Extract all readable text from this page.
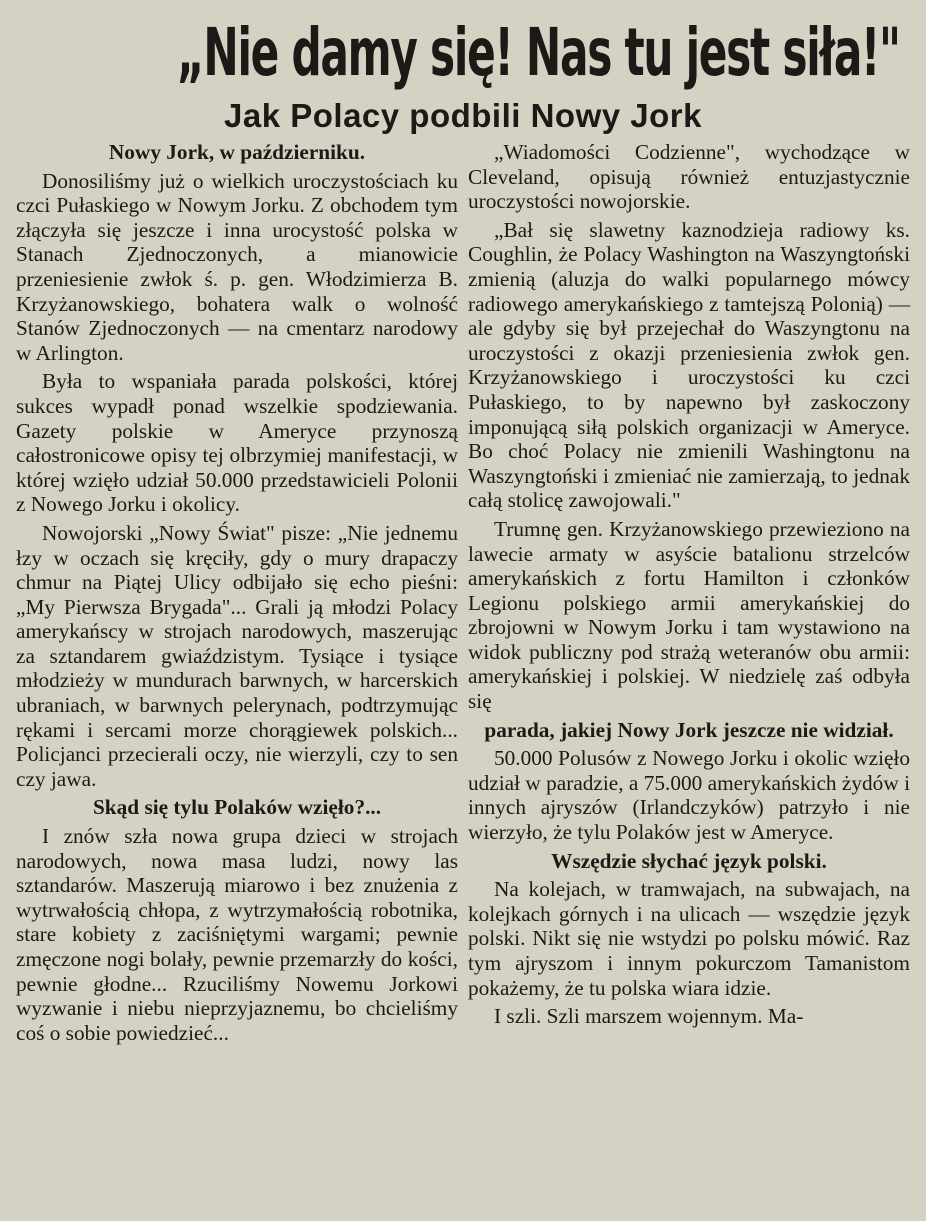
„Nie damy się! Nas tu jest siła!"
Jak Polacy podbili Nowy Jork

Nowy Jork, w październiku.

Donosiliśmy już o wielkich uroczystościach ku czci Pułaskiego w Nowym Jorku. Z obchodem tym złączyła się jeszcze i inna urocystość polska w Stanach Zjednoczonych, a mianowicie przeniesienie zwłok ś. p. gen. Włodzimierza B. Krzyżanowskiego, bohatera walk o wolność Stanów Zjednoczonych — na cmentarz narodowy w Arlington.

Była to wspaniała parada polskości, której sukces wypadł ponad wszelkie spodziewania. Gazety polskie w Ameryce przynoszą całostronicowe opisy tej olbrzymiej manifestacji, w której wzięło udział 50.000 przedstawicieli Polonii z Nowego Jorku i okolicy.

Nowojorski „Nowy Świat" pisze: „Nie jednemu łzy w oczach się kręciły, gdy o mury drapaczy chmur na Piątej Ulicy odbijało się echo pieśni: „My Pierwsza Brygada"... Grali ją młodzi Polacy amerykańscy w strojach narodowych, maszerując za sztandarem gwiaździstym. Tysiące i tysiące młodzieży w mundurach barwnych, w harcerskich ubraniach, w barwnych pelerynach, podtrzymując rękami i sercami morze chorągiewek polskich... Policjanci przecierali oczy, nie wierzyli, czy to sen czy jawa.

Skąd się tylu Polaków wzięło?...

I znów szła nowa grupa dzieci w strojach narodowych, nowa masa ludzi, nowy las sztandarów. Maszerują miarowo i bez znużenia z wytrwałością chłopa, z wytrzymałością robotnika, stare kobiety z zaciśniętymi wargami; pewnie zmęczone nogi bolały, pewnie przemarzły do kości, pewnie głodne... Rzuciliśmy Nowemu Jorkowi wyzwanie i niebu nieprzyjaznemu, bo chcieliśmy coś o sobie powiedzieć...

„Wiadomości Codzienne", wychodzące w Cleveland, opisują również entuzjastycznie uroczystości nowojorskie.

„Bał się slawetny kaznodzieja radiowy ks. Coughlin, że Polacy Washington na Waszyngtoński zmienią (aluzja do walki popularnego mówcy radiowego amerykańskiego z tamtejszą Polonią) — ale gdyby się był przejechał do Waszyngtonu na uroczystości z okazji przeniesienia zwłok gen. Krzyżanowskiego i uroczystości ku czci Pułaskiego, to by napewno był zaskoczony imponującą siłą polskich organizacji w Ameryce. Bo choć Polacy nie zmienili Washingtonu na Waszyngtoński i zmieniać nie zamierzają, to jednak całą stolicę zawojowali."

Trumnę gen. Krzyżanowskiego przewieziono na lawecie armaty w asyście batalionu strzelców amerykańskich z fortu Hamilton i członków Legionu polskiego armii amerykańskiej do zbrojowni w Nowym Jorku i tam wystawiono na widok publiczny pod strażą weteranów obu armii: amerykańskiej i polskiej. W niedzielę zaś odbyła się

parada, jakiej Nowy Jork jeszcze nie widział.

50.000 Polusów z Nowego Jorku i okolic wzięło udział w paradzie, a 75.000 amerykańskich żydów i innych ajryszów (Irlandczyków) patrzyło i nie wierzyło, że tylu Polaków jest w Ameryce.

Wszędzie słychać język polski.

Na kolejach, w tramwajach, na subwajach, na kolejkach górnych i na ulicach — wszędzie język polski. Nikt się nie wstydzi po polsku mówić. Raz tym ajryszom i innym pokurczom Tamanistom pokażemy, że tu polska wiara idzie.

I szli. Szli marszem wojennym. Ma-
